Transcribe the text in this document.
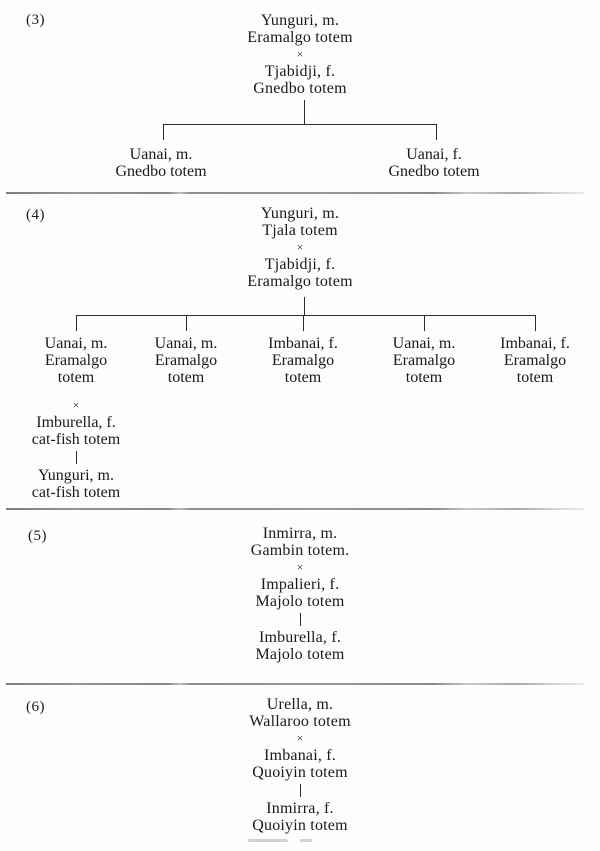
(3)	Yunguri, m.
Eramalgo totem
×
Tjabidji, f.
Gnedbo totem
Uanai, m.
Gnedbo totem
Uanai, f.
Gnedbo totem
(4)	Yunguri, m.
Tjala totem
×
Tjabidji, f.
Eramalgo totem
Uanai, m.
Eramalgo
totem
×
Imburella, f.
cat-fish totem
Yunguri, m.
cat-fish totem
Uanai, m.
Eramalgo
totem
Imbanai, f.
Eramalgo
totem
Uanai, m.
Eramalgo
totem
Imbanai, f.
Eramalgo
totem
(5)	Inmirra, m.
Gambin totem.
×
Impalieri, f.
Majolo totem
Imburella, f.
Majolo totem
(6)	Urella, m.
Wallaroo totem
×
Imbanai, f.
Quoiyin totem
Inmirra, f.
Quoiyin totem
